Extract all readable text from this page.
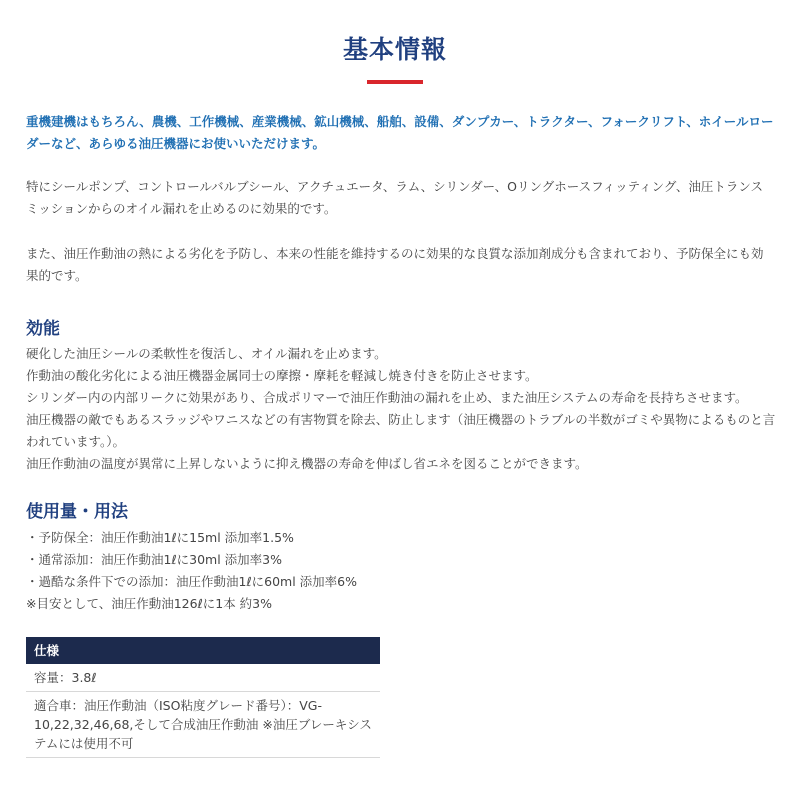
基本情報
重機建機はもちろん、農機、工作機械、産業機械、鉱山機械、船舶、設備、ダンプカー、トラクター、フォークリフト、ホイールローダーなど、あらゆる油圧機器にお使いいただけます。
特にシールポンプ、コントロールバルブシール、アクチュエータ、ラム、シリンダー、Oリングホースフィッティング、油圧トランスミッションからのオイル漏れを止めるのに効果的です。
また、油圧作動油の熱による劣化を予防し、本来の性能を維持するのに効果的な良質な添加剤成分も含まれており、予防保全にも効果的です。
効能
硬化した油圧シールの柔軟性を復活し、オイル漏れを止めます。
作動油の酸化劣化による油圧機器金属同士の摩擦・摩耗を軽減し焼き付きを防止させます。
シリンダー内の内部リークに効果があり、合成ポリマーで油圧作動油の漏れを止め、また油圧システムの寿命を長持ちさせます。
油圧機器の敵でもあるスラッジやワニスなどの有害物質を除去、防止します（油圧機器のトラブルの半数がゴミや異物によるものと言われています。）。
油圧作動油の温度が異常に上昇しないように抑え機器の寿命を伸ばし省エネを図ることができます。
使用量・用法
・予防保全：油圧作動油1ℓに15ml 添加率1.5%
・通常添加：油圧作動油1ℓに30ml 添加率3%
・過酷な条件下での添加：油圧作動油1ℓに60ml 添加率6%
※目安として、油圧作動油126ℓに1本 約3%
仕様
容量：3.8ℓ
適合車：油圧作動油（ISO粘度グレード番号）：VG-10,22,32,46,68,そして合成油圧作動油 ※油圧ブレーキシステムには使用不可
